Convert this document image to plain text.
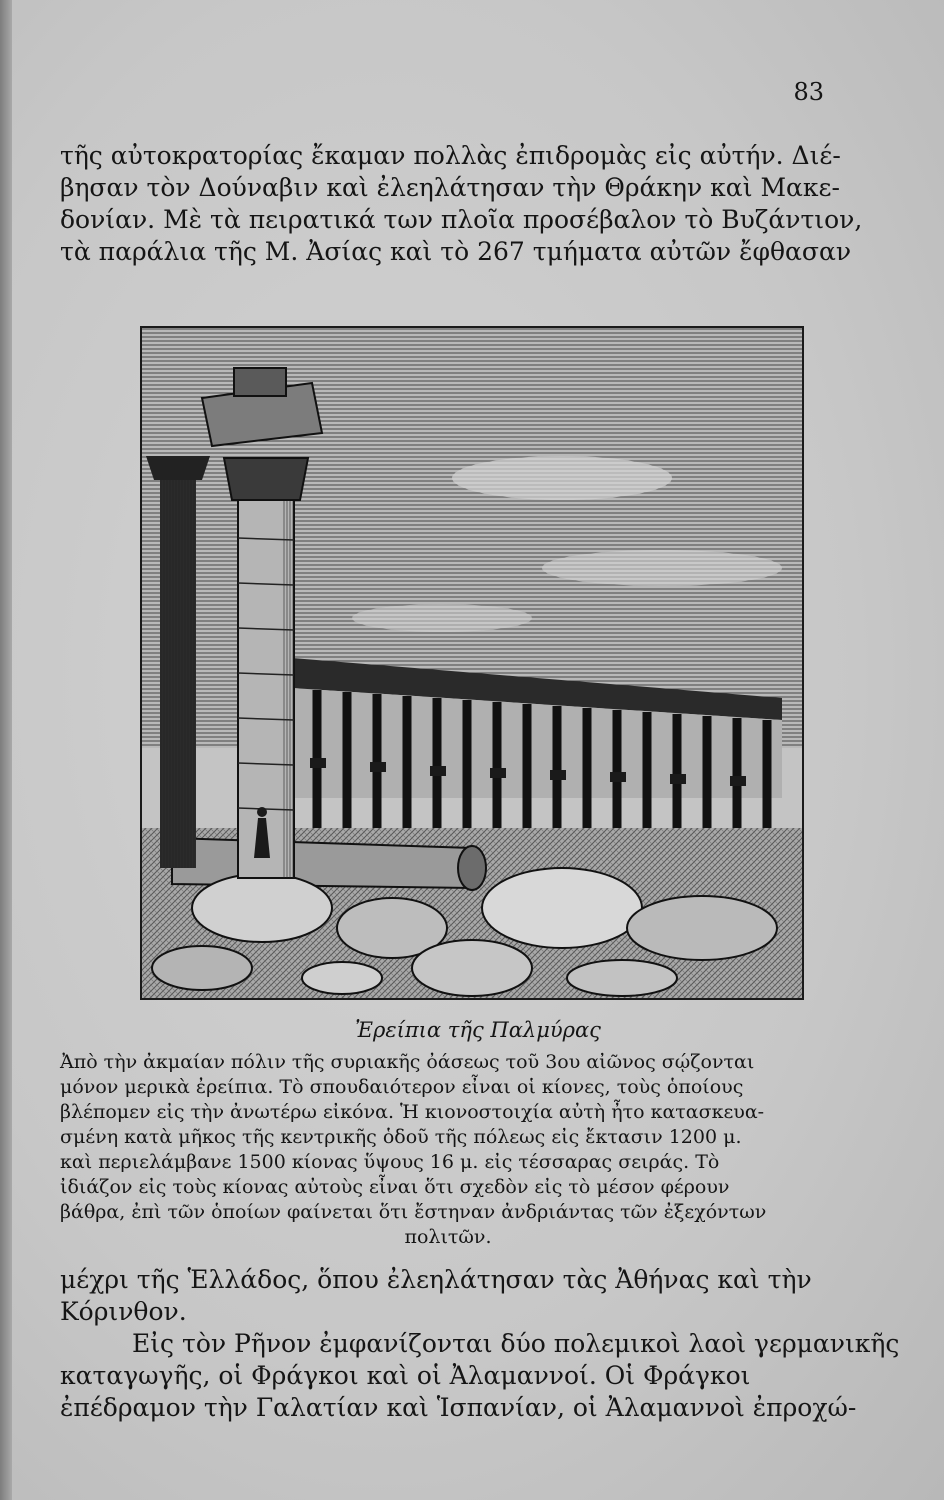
83
τῆς αὐτοκρατορίας ἔκαμαν πολλὰς ἐπιδρομὰς εἰς αὐτήν. Διέ-
βησαν τὸν Δούναβιν καὶ ἐλεηλάτησαν τὴν Θράκην καὶ Μακε-
δονίαν. Μὲ τὰ πειρατικά των πλοῖα προσέβαλον τὸ Βυζάντιον,
τὰ παράλια τῆς Μ. Ἀσίας καὶ τὸ 267 τμήματα αὐτῶν ἔφθασαν
Ἐρείπια τῆς Παλμύρας
Ἀπὸ τὴν ἀκμαίαν πόλιν τῆς συριακῆς ὀάσεως τοῦ 3ου αἰῶνος σῴζονται
μόνον μερικὰ ἐρείπια. Τὸ σπουδαιότερον εἶναι οἱ κίονες, τοὺς ὁποίους
βλέπομεν εἰς τὴν ἀνωτέρω εἰκόνα. Ἡ κιονοστοιχία αὐτὴ ἦτο κατασκευα-
σμένη κατὰ μῆκος τῆς κεντρικῆς ὁδοῦ τῆς πόλεως εἰς ἔκτασιν 1200 μ.
καὶ περιελάμβανε 1500 κίονας ὕψους 16 μ. εἰς τέσσαρας σειράς. Τὸ
ἰδιάζον εἰς τοὺς κίονας αὐτοὺς εἶναι ὅτι σχεδὸν εἰς τὸ μέσον φέρουν
βάθρα, ἐπὶ τῶν ὁποίων φαίνεται ὅτι ἔστηναν ἀνδριάντας τῶν ἐξεχόντων
πολιτῶν.
μέχρι τῆς Ἑλλάδος, ὅπου ἐλεηλάτησαν τὰς Ἀθήνας καὶ τὴν
Κόρινθον.
Εἰς τὸν Ρῆνον ἐμφανίζονται δύο πολεμικοὶ λαοὶ γερμανικῆς
καταγωγῆς, οἱ Φράγκοι καὶ οἱ Ἀλαμαννοί. Οἱ Φράγκοι
ἐπέδραμον τὴν Γαλατίαν καὶ Ἱσπανίαν, οἱ Ἀλαμαννοὶ ἐπροχώ-
